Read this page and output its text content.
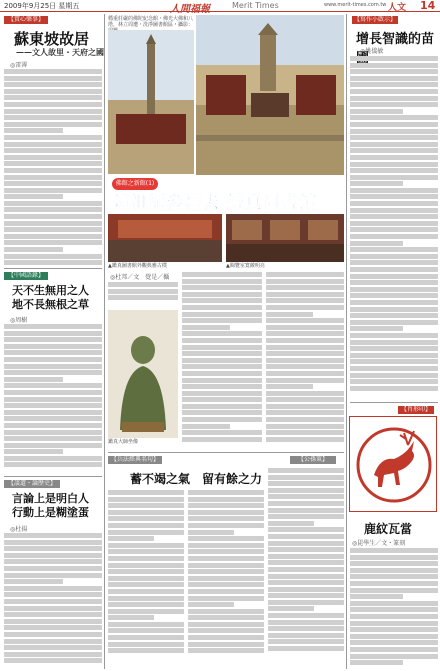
2009年9月25日 星期五	人間福報	Merit Times	www.merit-times.com.tw 人文 14
【賞心樂事】
蘇東坡故居
——文人故里・天府之國
◎雷霽
【中國語錄】
天不生無用之人
地不長無根之草
◎周樹
【談道・論歷史】
言論上是明白人
行動上是糊塗蛋
◎杜揚
穩重莊嚴的佛陀紀念館・佛光大佛和八塔，林立周遭・洗淨圖書館區・攝影：
佛館之新館(1)
隨祖師參禪去 鑑真圖書館
▲鑑真圖書館外觀典雅古樸	▲閱覽室寬敞明亮
◎杜邦／文　覺是／攝
鑑真大師坐像
【兵法經典名句】	【公孫策】
蓄不竭之氣　留有餘之力
【寫作小啟示】
增長智識的苗
◎姚儀敏
【肖形印】
鹿紋瓦當
◎毘學生／文・篆刻
